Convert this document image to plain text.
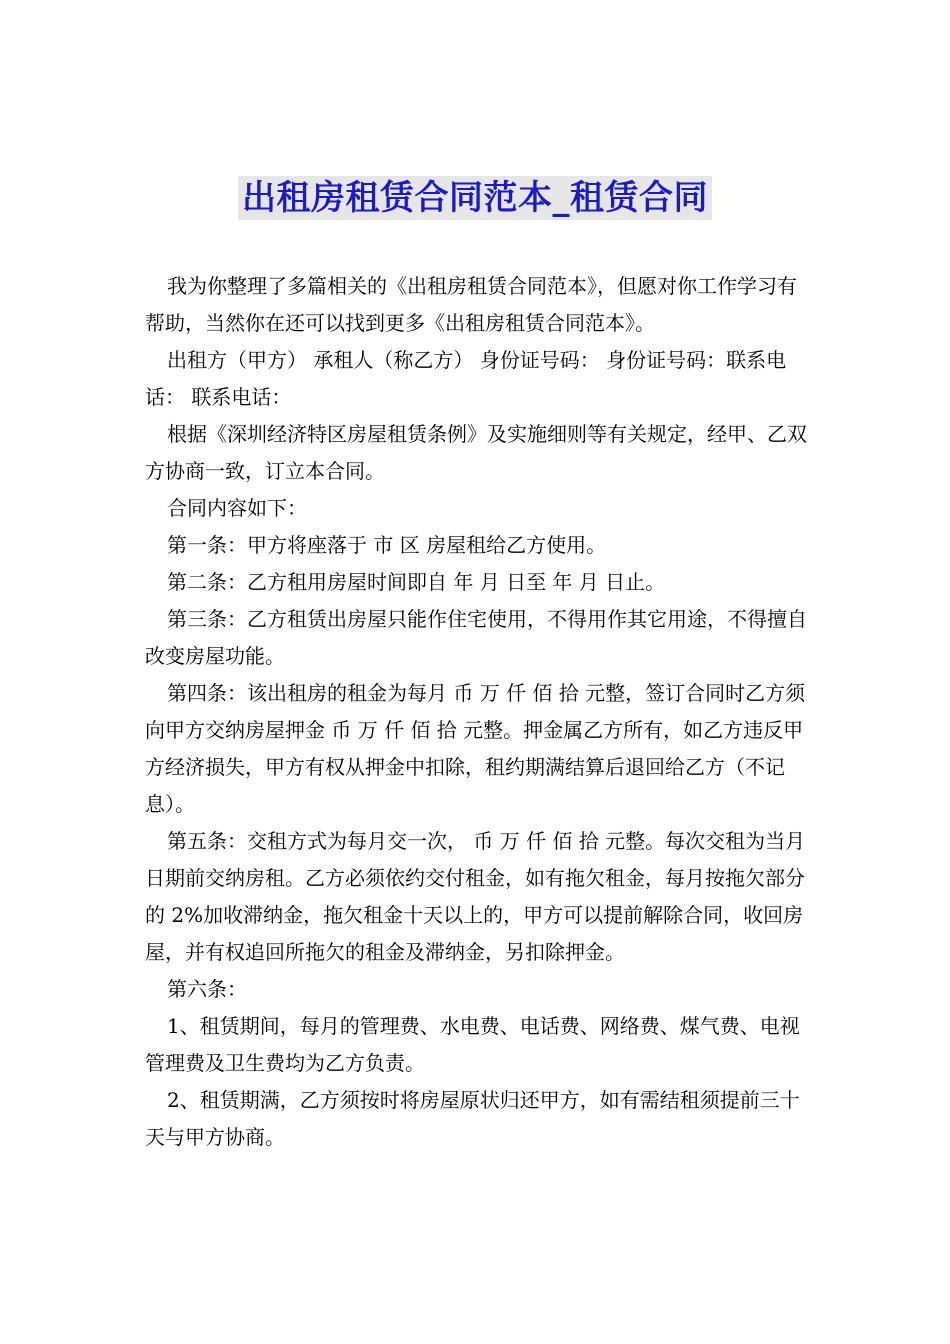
出租房租赁合同范本_租赁合同

我为你整理了多篇相关的《出租房租赁合同范本》，但愿对你工作学习有帮助，当然你在还可以找到更多《出租房租赁合同范本》。

出租方（甲方） 承租人（称乙方） 身份证号码： 身份证号码：联系电话： 联系电话：

根据《深圳经济特区房屋租赁条例》及实施细则等有关规定，经甲、乙双方协商一致，订立本合同。

合同内容如下：

第一条：甲方将座落于 市 区 房屋租给乙方使用。

第二条：乙方租用房屋时间即自 年 月 日至 年 月 日止。

第三条：乙方租赁出房屋只能作住宅使用，不得用作其它用途，不得擅自改变房屋功能。

第四条：该出租房的租金为每月 币 万 仟 佰 拾 元整，签订合同时乙方须向甲方交纳房屋押金 币 万 仟 佰 拾 元整。押金属乙方所有，如乙方违反甲方经济损失，甲方有权从押金中扣除，租约期满结算后退回给乙方（不记息）。

第五条：交租方式为每月交一次， 币 万 仟 佰 拾 元整。每次交租为当月 日期前交纳房租。乙方必须依约交付租金，如有拖欠租金，每月按拖欠部分的 2%加收滞纳金，拖欠租金十天以上的，甲方可以提前解除合同，收回房屋，并有权追回所拖欠的租金及滞纳金，另扣除押金。

第六条：

1、租赁期间，每月的管理费、水电费、电话费、网络费、煤气费、电视管理费及卫生费均为乙方负责。

2、租赁期满，乙方须按时将房屋原状归还甲方，如有需结租须提前三十天与甲方协商。
